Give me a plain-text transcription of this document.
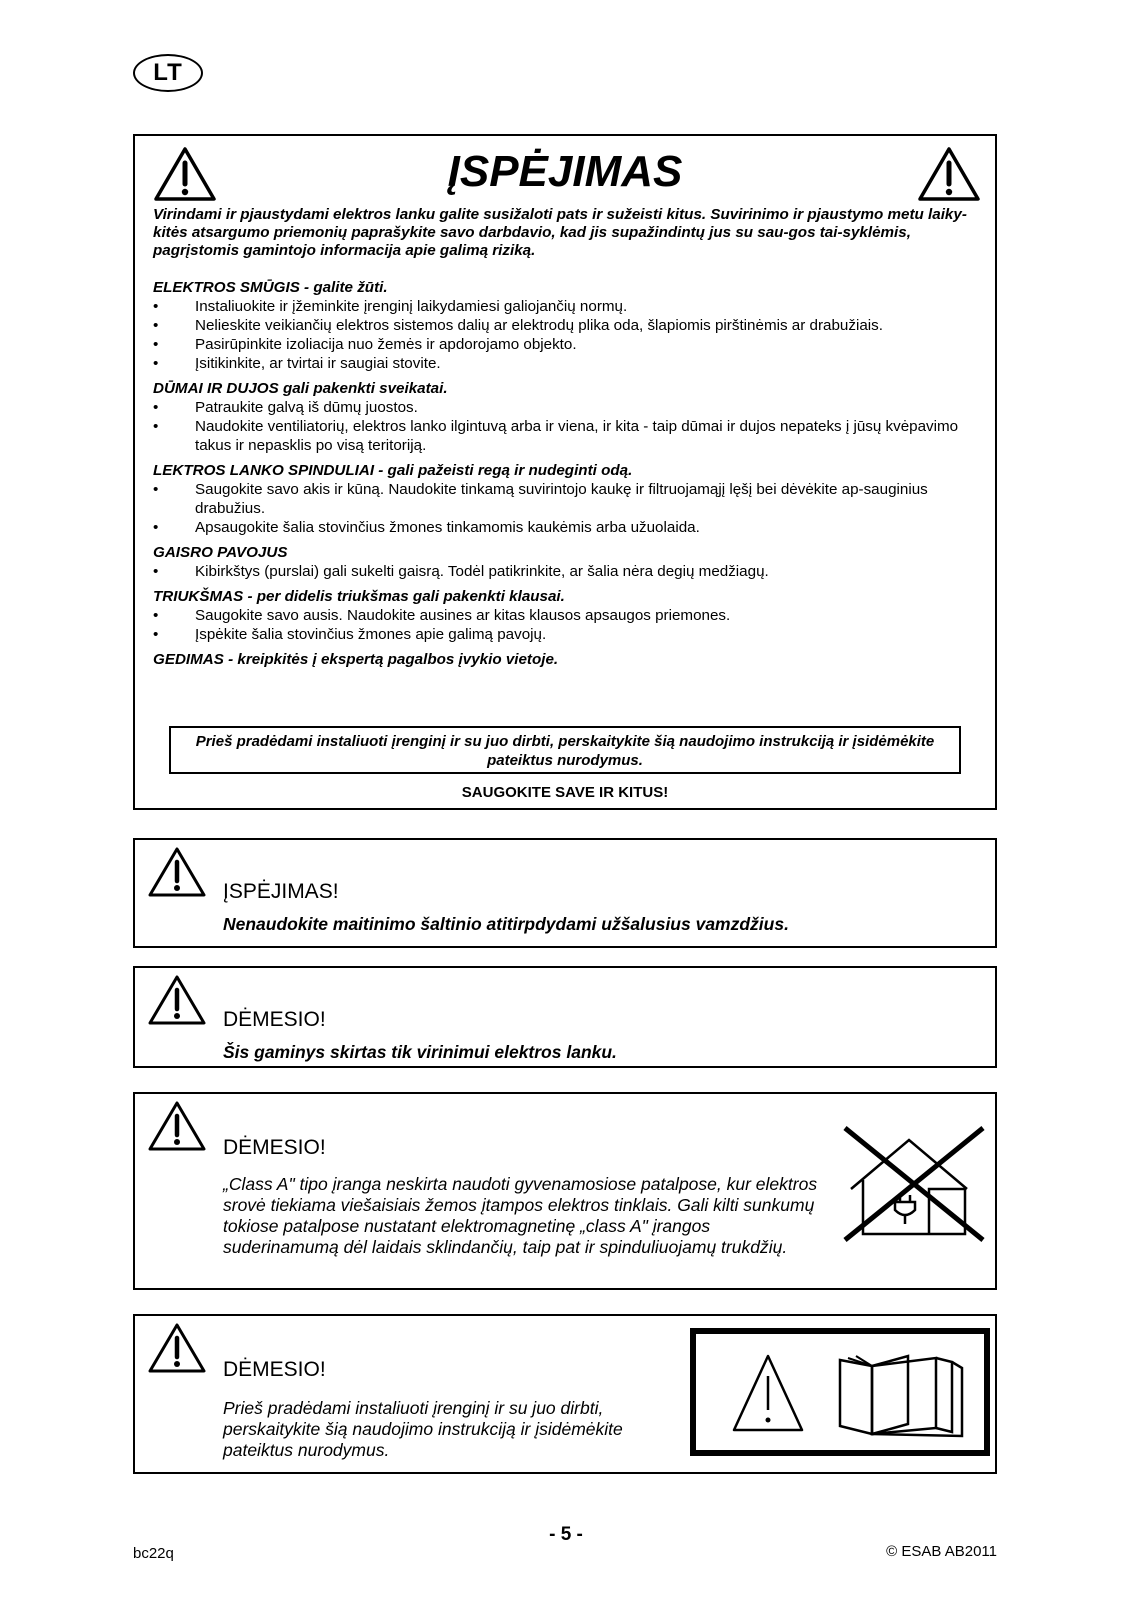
LT
ĮSPĖJIMAS
Virindami ir pjaustydami elektros lanku galite susižaloti pats ir sužeisti kitus. Suvirinimo ir pjaustymo metu laiky-kitės atsargumo priemonių paprašykite savo darbdavio, kad jis supažindintų jus su sau-gos tai-syklėmis, pagrįstomis gamintojo informacija apie galimą riziką.
ELEKTROS SMŪGIS - galite žūti.
• Instaliuokite ir įžeminkite įrenginį laikydamiesi galiojančių normų.
• Nelieskite veikiančių elektros sistemos dalių ar elektrodų plika oda, šlapiomis pirštinėmis ar drabužiais.
• Pasirūpinkite izoliacija nuo žemės ir apdorojamo objekto.
• Įsitikinkite, ar tvirtai ir saugiai stovite.
DŪMAI IR DUJOS gali pakenkti sveikatai.
• Patraukite galvą iš dūmų juostos.
• Naudokite ventiliatorių, elektros lanko ilgintuvą arba ir viena, ir kita - taip dūmai ir dujos nepateks į jūsų kvėpavimo takus ir nepasklis po visą teritoriją.
LEKTROS LANKO SPINDULIAI - gali pažeisti regą ir nudeginti odą.
• Saugokite savo akis ir kūną. Naudokite tinkamą suvirintojo kaukę ir filtruojamąjį lęšį bei dėvėkite ap-sauginius drabužius.
• Apsaugokite šalia stovinčius žmones tinkamomis kaukėmis arba užuolaida.
GAISRO PAVOJUS
• Kibirkštys (purslai) gali sukelti gaisrą. Todėl patikrinkite, ar šalia nėra degių medžiagų.
TRIUKŠMAS - per didelis triukšmas gali pakenkti klausai.
• Saugokite savo ausis. Naudokite ausines ar kitas klausos apsaugos priemones.
• Įspėkite šalia stovinčius žmones apie galimą pavojų.
GEDIMAS - kreipkitės į ekspertą pagalbos įvykio vietoje.
Prieš pradėdami instaliuoti įrenginį ir su juo dirbti, perskaitykite šią naudojimo instrukciją ir įsidėmėkite pateiktus nurodymus.
SAUGOKITE SAVE IR KITUS!
ĮSPĖJIMAS!
Nenaudokite maitinimo šaltinio atitirpdydami užšalusius vamzdžius.
DĖMESIO!
Šis gaminys skirtas tik virinimui elektros lanku.
DĖMESIO!
„Class A" tipo įranga neskirta naudoti gyvenamosiose patalpose, kur elektros srovė tiekiama viešaisiais žemos įtampos elektros tinklais. Gali kilti sunkumų tokiose patalpose nustatant elektromagnetinę „class A" įrangos suderinamumą dėl laidais sklindančių, taip pat ir spinduliuojamų trukdžių.
DĖMESIO!
Prieš pradėdami instaliuoti įrenginį ir su juo dirbti, perskaitykite šią naudojimo instrukciją ir įsidėmėkite pateiktus nurodymus.
- 5 -
bc22q	© ESAB AB2011
